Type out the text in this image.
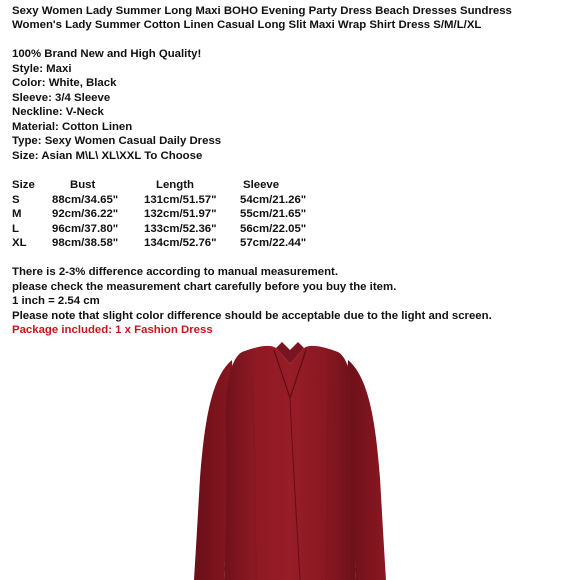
Sexy Women Lady Summer Long Maxi BOHO Evening Party Dress Beach Dresses Sundress
Women's Lady Summer Cotton Linen Casual Long Slit Maxi Wrap Shirt Dress S/M/L/XL
100% Brand New and High Quality!
Style: Maxi
Color: White, Black
Sleeve: 3/4 Sleeve
Neckline: V-Neck
Material: Cotton Linen
Type: Sexy Women Casual Daily Dress
Size: Asian M\L\ XL\XXL To Choose
Size	Bust	Length	Sleeve
S	88cm/34.65" 131cm/51.57" 54cm/21.26"
M	92cm/36.22" 132cm/51.97" 55cm/21.65"
L	96cm/37.80" 133cm/52.36" 56cm/22.05"
XL 98cm/38.58" 134cm/52.76" 57cm/22.44"
There is 2-3% difference according to manual measurement.
please check the measurement chart carefully before you buy the item.
1 inch = 2.54 cm
Please note that slight color difference should be acceptable due to the light and screen.
Package included: 1 x Fashion Dress
